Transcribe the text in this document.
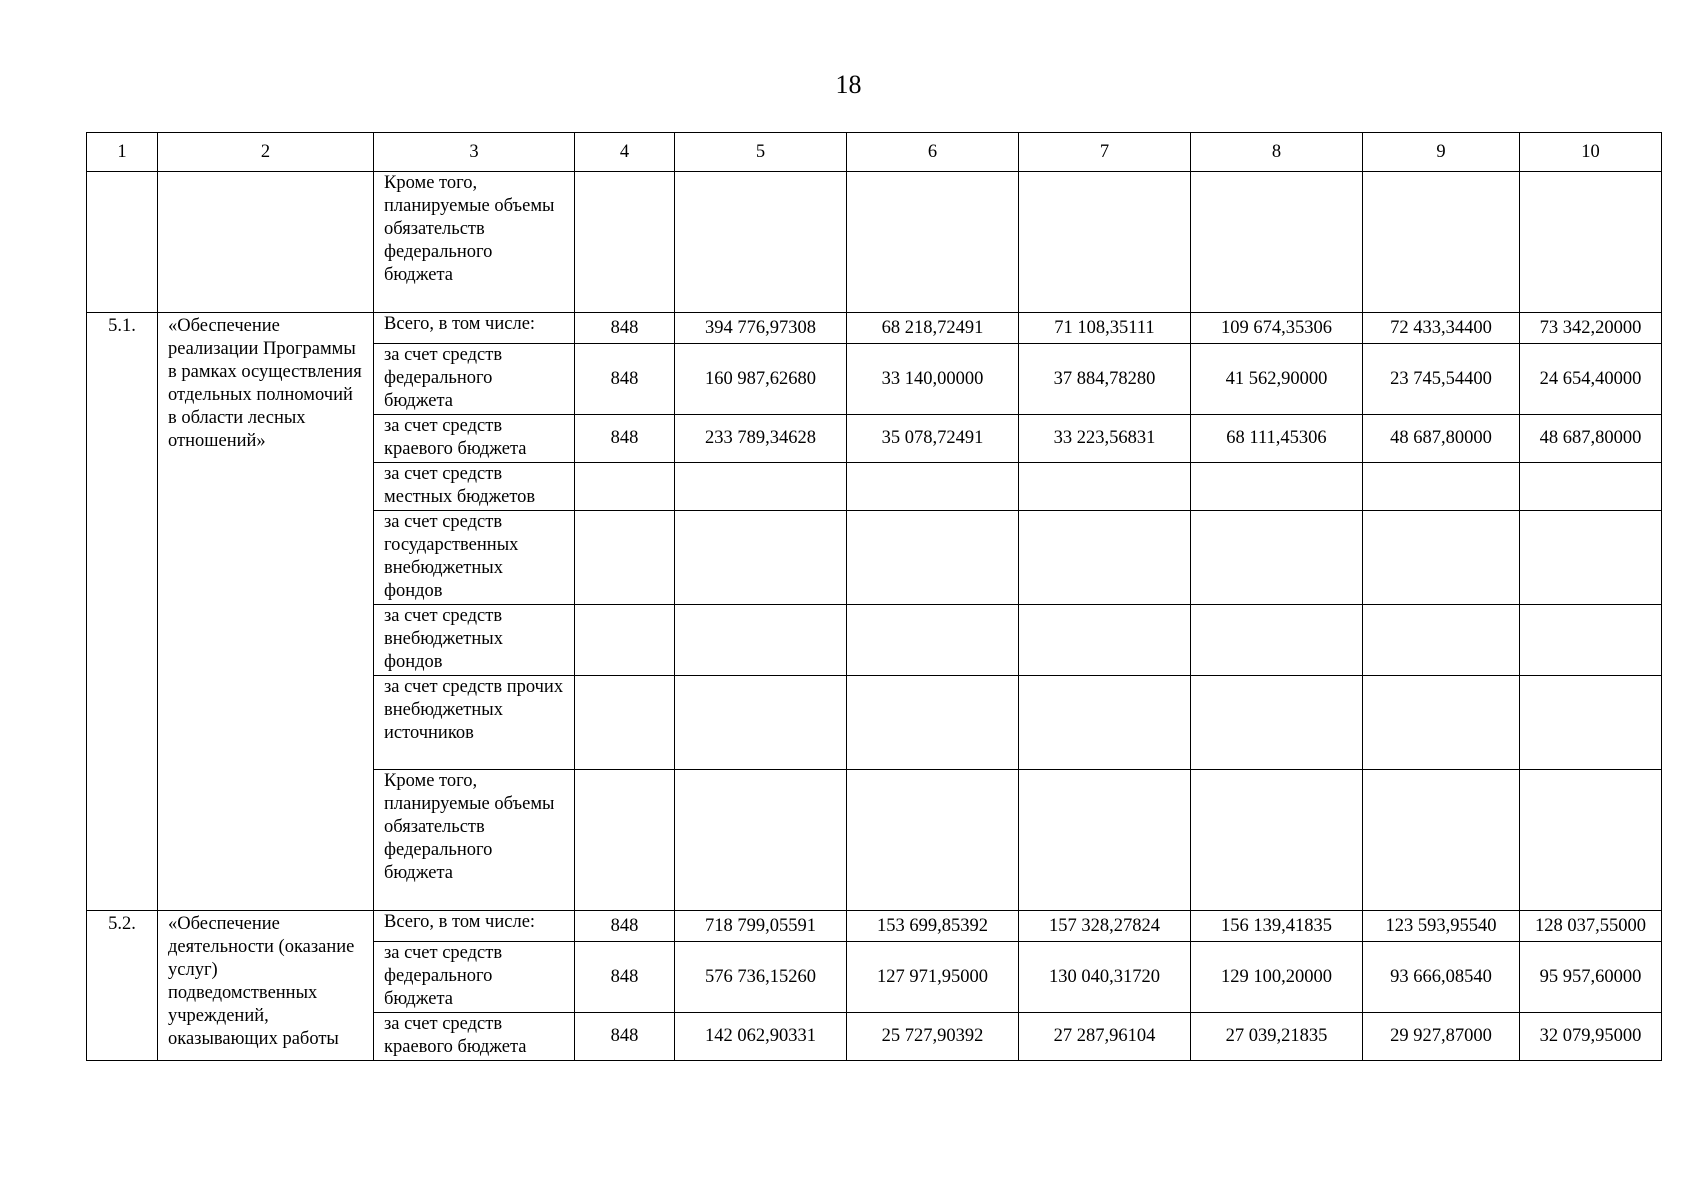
18
1	2	3	4	5	6	7	8	9	10
		Кроме того, планируемые объемы обязательств федерального бюджета							
5.1.	«Обеспечение реализации Программы в рамках осуществления отдельных полномочий в области лесных отношений»	Всего, в том числе:	848	394 776,97308	68 218,72491	71 108,35111	109 674,35306	72 433,34400	73 342,20000
		за счет средств федерального бюджета	848	160 987,62680	33 140,00000	37 884,78280	41 562,90000	23 745,54400	24 654,40000
		за счет средств краевого бюджета	848	233 789,34628	35 078,72491	33 223,56831	68 111,45306	48 687,80000	48 687,80000
		за счет средств местных бюджетов							
		за счет средств государственных внебюджетных фондов							
		за счет средств внебюджетных фондов							
		за счет средств прочих внебюджетных источников							
		Кроме того, планируемые объемы обязательств федерального бюджета							
5.2.	«Обеспечение деятельности (оказание услуг) подведомственных учреждений, оказывающих работы	Всего, в том числе:	848	718 799,05591	153 699,85392	157 328,27824	156 139,41835	123 593,95540	128 037,55000
		за счет средств федерального бюджета	848	576 736,15260	127 971,95000	130 040,31720	129 100,20000	93 666,08540	95 957,60000
		за счет средств краевого бюджета	848	142 062,90331	25 727,90392	27 287,96104	27 039,21835	29 927,87000	32 079,95000
